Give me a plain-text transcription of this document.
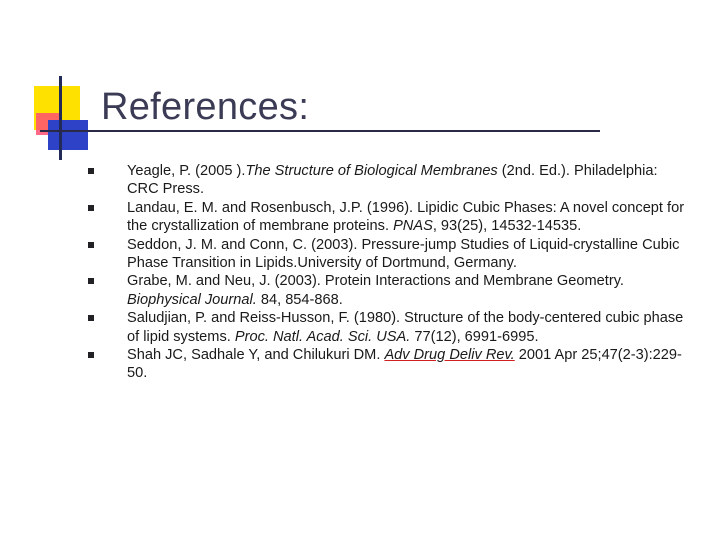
References:
Yeagle, P. (2005 ).The Structure of Biological Membranes (2nd. Ed.). Philadelphia: CRC Press.
Landau, E. M. and Rosenbusch, J.P. (1996). Lipidic Cubic Phases: A novel concept for the crystallization of membrane proteins. PNAS, 93(25), 14532-14535.
Seddon, J. M. and Conn, C. (2003). Pressure-jump Studies of Liquid-crystalline Cubic Phase Transition in Lipids.University of Dortmund, Germany.
Grabe, M. and Neu, J. (2003). Protein Interactions and Membrane Geometry. Biophysical Journal. 84, 854-868.
Saludjian, P. and Reiss-Husson, F. (1980). Structure of the body-centered cubic phase of lipid systems. Proc. Natl. Acad. Sci. USA. 77(12), 6991-6995.
Shah JC, Sadhale Y, and Chilukuri DM. Adv Drug Deliv Rev. 2001 Apr 25;47(2-3):229-50.
